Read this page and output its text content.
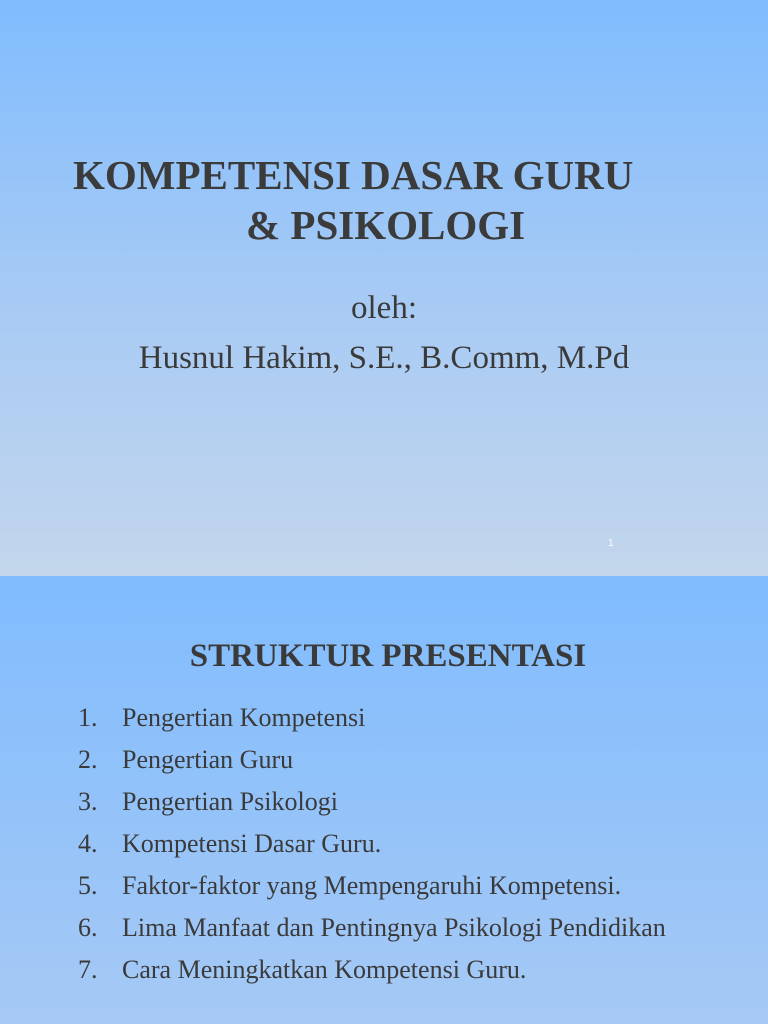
KOMPETENSI DASAR GURU
& PSIKOLOGI
oleh:
Husnul Hakim, S.E., B.Comm, M.Pd
1
STRUKTUR PRESENTASI
1. Pengertian Kompetensi
2. Pengertian Guru
3. Pengertian Psikologi
4. Kompetensi Dasar Guru.
5. Faktor-faktor yang Mempengaruhi Kompetensi.
6. Lima Manfaat dan Pentingnya Psikologi Pendidikan
7. Cara Meningkatkan Kompetensi Guru.
